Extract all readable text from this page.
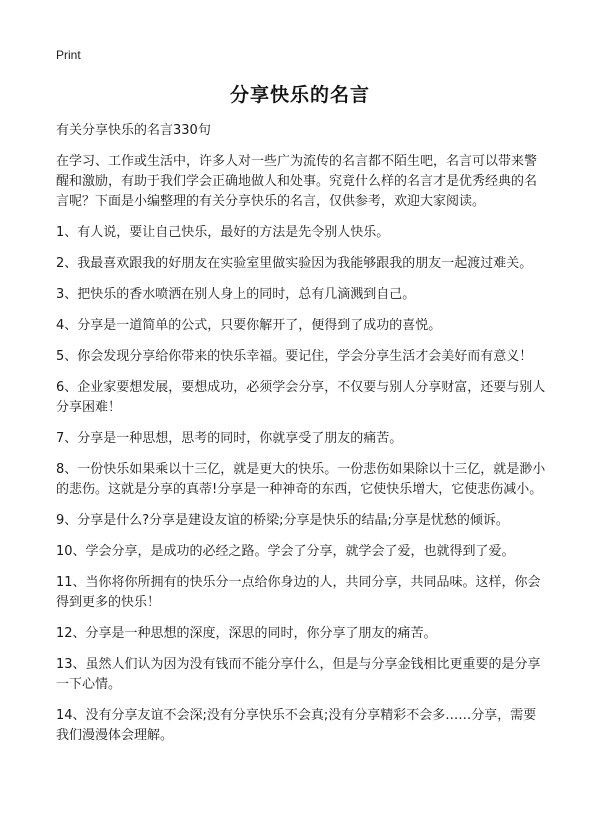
Print
分享快乐的名言

有关分享快乐的名言330句

在学习、工作或生活中，许多人对一些广为流传的名言都不陌生吧，名言可以带来警醒和激励，有助于我们学会正确地做人和处事。究竟什么样的名言才是优秀经典的名言呢？下面是小编整理的有关分享快乐的名言，仅供参考，欢迎大家阅读。

1、有人说，要让自己快乐，最好的方法是先令别人快乐。

2、我最喜欢跟我的好朋友在实验室里做实验因为我能够跟我的朋友一起渡过难关。

3、把快乐的香水喷洒在别人身上的同时，总有几滴溅到自己。

4、分享是一道简单的公式，只要你解开了，便得到了成功的喜悦。

5、你会发现分享给你带来的快乐幸福。要记住，学会分享生活才会美好而有意义！

6、企业家要想发展，要想成功，必须学会分享，不仅要与别人分享财富，还要与别人分享困难！

7、分享是一种思想，思考的同时，你就享受了朋友的痛苦。

8、一份快乐如果乘以十三亿，就是更大的快乐。一份悲伤如果除以十三亿，就是渺小的悲伤。这就是分享的真蒂!分享是一种神奇的东西，它使快乐增大，它使悲伤减小。

9、分享是什么?分享是建设友谊的桥梁;分享是快乐的结晶;分享是忧愁的倾诉。

10、学会分享，是成功的必经之路。学会了分享，就学会了爱，也就得到了爱。

11、当你将你所拥有的快乐分一点给你身边的人，共同分享，共同品味。这样，你会得到更多的快乐！

12、分享是一种思想的深度，深思的同时，你分享了朋友的痛苦。

13、虽然人们认为因为没有钱而不能分享什么，但是与分享金钱相比更重要的是分享一下心情。

14、没有分享友谊不会深;没有分享快乐不会真;没有分享精彩不会多……分享，需要我们漫漫体会理解。
